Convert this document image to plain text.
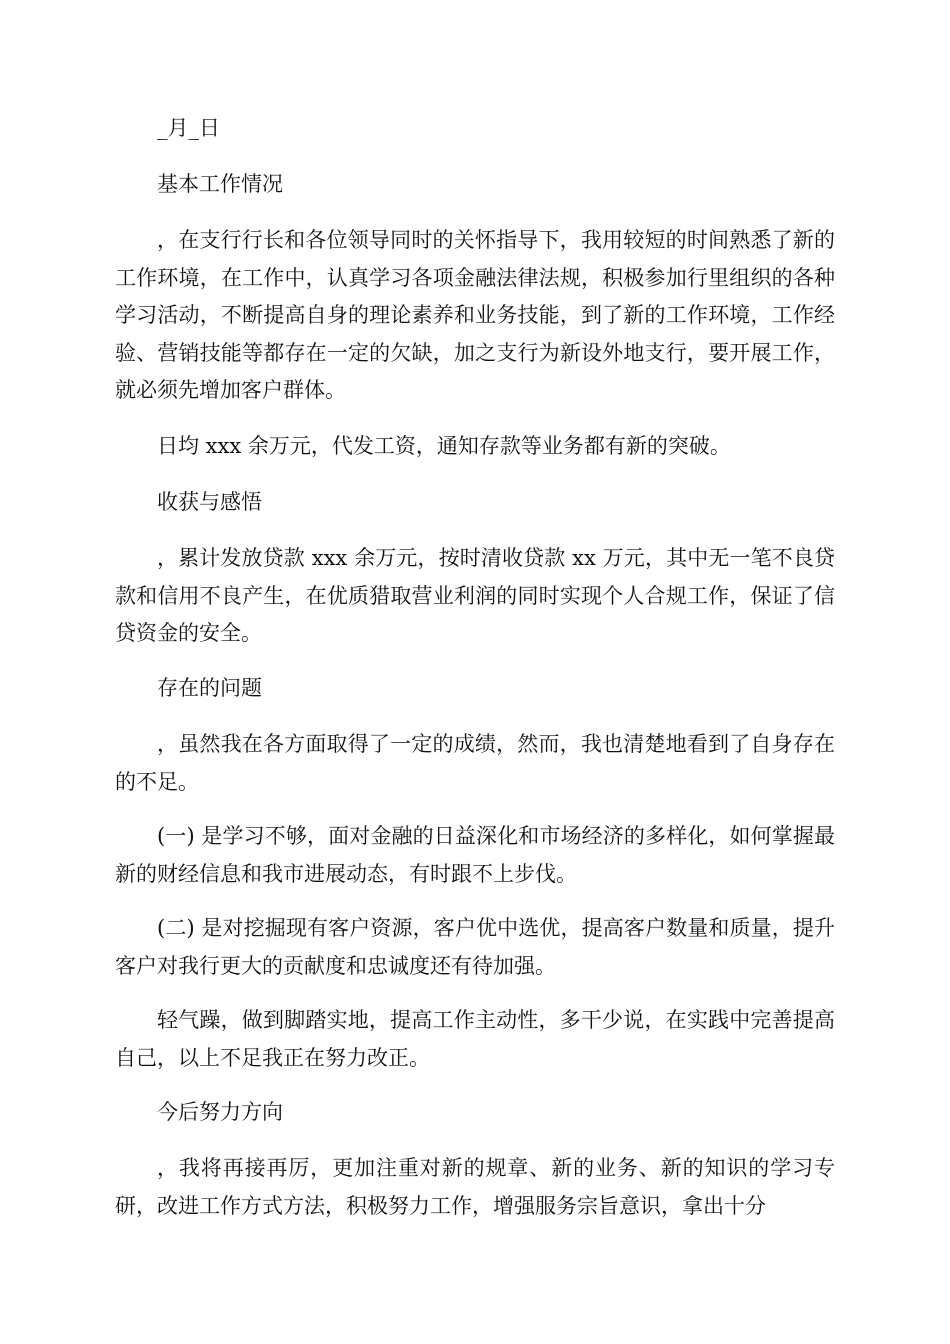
_月_日

基本工作情况

，在支行行长和各位领导同时的关怀指导下，我用较短的时间熟悉了新的工作环境，在工作中，认真学习各项金融法律法规，积极参加行里组织的各种学习活动，不断提高自身的理论素养和业务技能，到了新的工作环境，工作经验、营销技能等都存在一定的欠缺，加之支行为新设外地支行，要开展工作，就必须先增加客户群体。

日均 xxx 余万元，代发工资，通知存款等业务都有新的突破。

收获与感悟

，累计发放贷款 xxx 余万元，按时清收贷款 xx 万元，其中无一笔不良贷款和信用不良产生，在优质猎取营业利润的同时实现个人合规工作，保证了信贷资金的安全。

存在的问题

，虽然我在各方面取得了一定的成绩，然而，我也清楚地看到了自身存在的不足。

(一) 是学习不够，面对金融的日益深化和市场经济的多样化，如何掌握最新的财经信息和我市进展动态，有时跟不上步伐。

(二) 是对挖掘现有客户资源，客户优中选优，提高客户数量和质量，提升客户对我行更大的贡献度和忠诚度还有待加强。

轻气躁，做到脚踏实地，提高工作主动性，多干少说，在实践中完善提高自己，以上不足我正在努力改正。

今后努力方向

，我将再接再厉，更加注重对新的规章、新的业务、新的知识的学习专研，改进工作方式方法，积极努力工作，增强服务宗旨意识，拿出十分
